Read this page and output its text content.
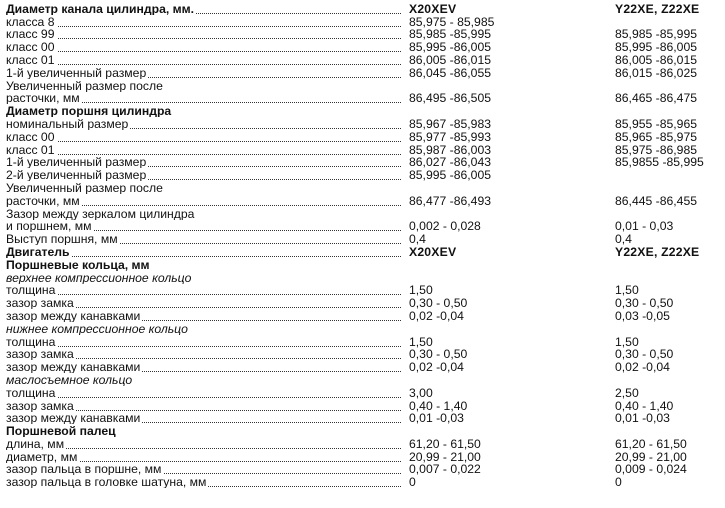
Диаметр канала цилиндра, мм.	X20XEV	Y22XE, Z22XE

класса 8	85,975 - 85,985	

класс 99	85,985 -85,995	85,985 -85,995

класс 00	85,995 -86,005	85,995 -86,005

класс 01	86,005 -86,015	86,005 -86,015

1-й увеличенный размер	86,045 -86,055	86,015 -86,025
Увеличенный размер после		

расточки, мм	86,495 -86,505	86,465 -86,475
Диаметр поршня цилиндра		

номинальный размер	85,967 -85,983	85,955 -85,965

класс 00	85,977 -85,993	85,965 -85,975

класс 01	85,987 -86,003	85,975 -86,985

1-й увеличенный размер	86,027 -86,043	85,9855 -85,995

2-й увеличенный размер	85,995 -86,005	
Увеличенный размер после		

расточки, мм	86,477 -86,493	86,445 -86,455
Зазор между зеркалом цилиндра		

и поршнем, мм	0,002 - 0,028	0,01 - 0,03

Выступ поршня, мм	0,4	0,4

Двигатель	X20XEV	Y22XE, Z22XE
Поршневые кольца, мм		
верхнее компрессионное кольцо		

толщина	1,50	1,50

зазор замка	0,30 - 0,50	0,30 - 0,50

зазор между канавками	0,02 -0,04	0,03 -0,05
нижнее компрессионное кольцо		

толщина	1,50	1,50

зазор замка	0,30 - 0,50	0,30 - 0,50

зазор между канавками	0,02 -0,04	0,02 -0,04
маслосъемное кольцо		

толщина	3,00	2,50

зазор замка	0,40 - 1,40	0,40 - 1,40

зазор между канавками	0,01 -0,03	0,01 -0,03
Поршневой палец		

длина, мм	61,20 - 61,50	61,20 - 61,50

диаметр, мм	20,99 - 21,00	20,99 - 21,00

зазор пальца в поршне, мм	0,007 - 0,022	0,009 - 0,024

зазор пальца в головке шатуна, мм	0	0
